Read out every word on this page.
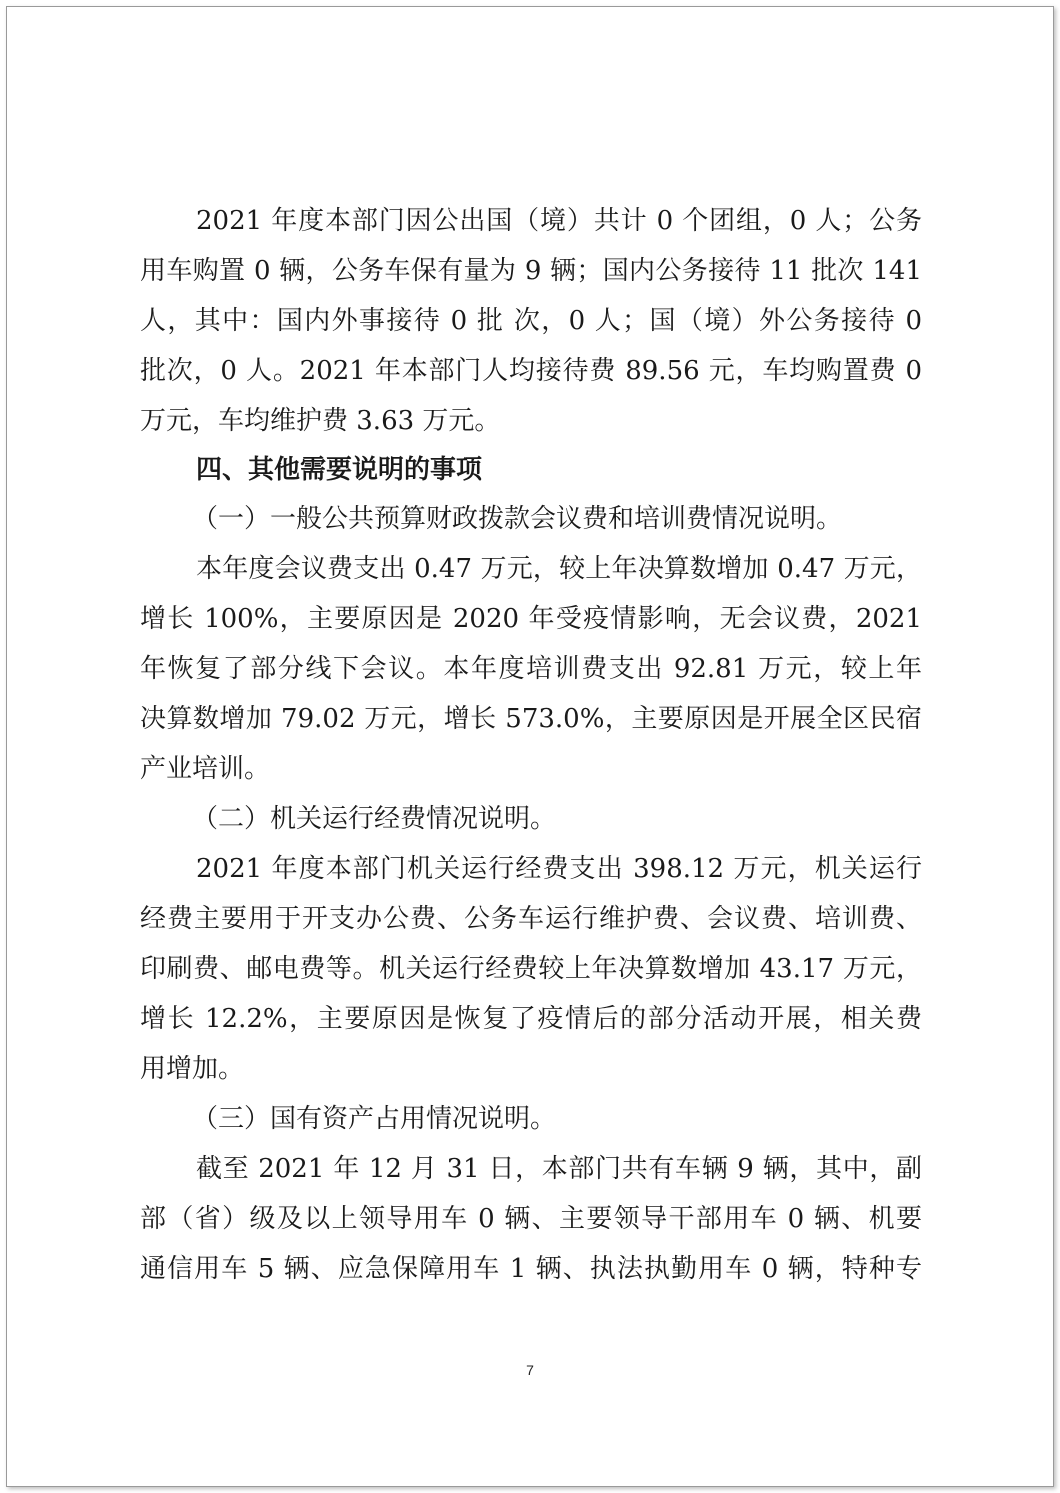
2021 年度本部门因公出国（境）共计 0 个团组，0 人；公务
用车购置 0 辆，公务车保有量为 9 辆；国内公务接待 11 批次 141
人，其中：国内外事接待 0 批 次，0 人；国（境）外公务接待 0
批次，0 人。2021 年本部门人均接待费 89.56 元，车均购置费 0
万元，车均维护费 3.63 万元。
四、其他需要说明的事项
（一）一般公共预算财政拨款会议费和培训费情况说明。
本年度会议费支出 0.47 万元，较上年决算数增加 0.47 万元，
增长 100%，主要原因是 2020 年受疫情影响，无会议费，2021
年恢复了部分线下会议。本年度培训费支出 92.81 万元，较上年
决算数增加 79.02 万元，增长 573.0%，主要原因是开展全区民宿
产业培训。
（二）机关运行经费情况说明。
2021 年度本部门机关运行经费支出 398.12 万元，机关运行
经费主要用于开支办公费、公务车运行维护费、会议费、培训费、
印刷费、邮电费等。机关运行经费较上年决算数增加 43.17 万元，
增长 12.2%，主要原因是恢复了疫情后的部分活动开展，相关费
用增加。
（三）国有资产占用情况说明。
截至 2021 年 12 月 31 日，本部门共有车辆 9 辆，其中，副
部（省）级及以上领导用车 0 辆、主要领导干部用车 0 辆、机要
通信用车 5 辆、应急保障用车 1 辆、执法执勤用车 0 辆，特种专
7
